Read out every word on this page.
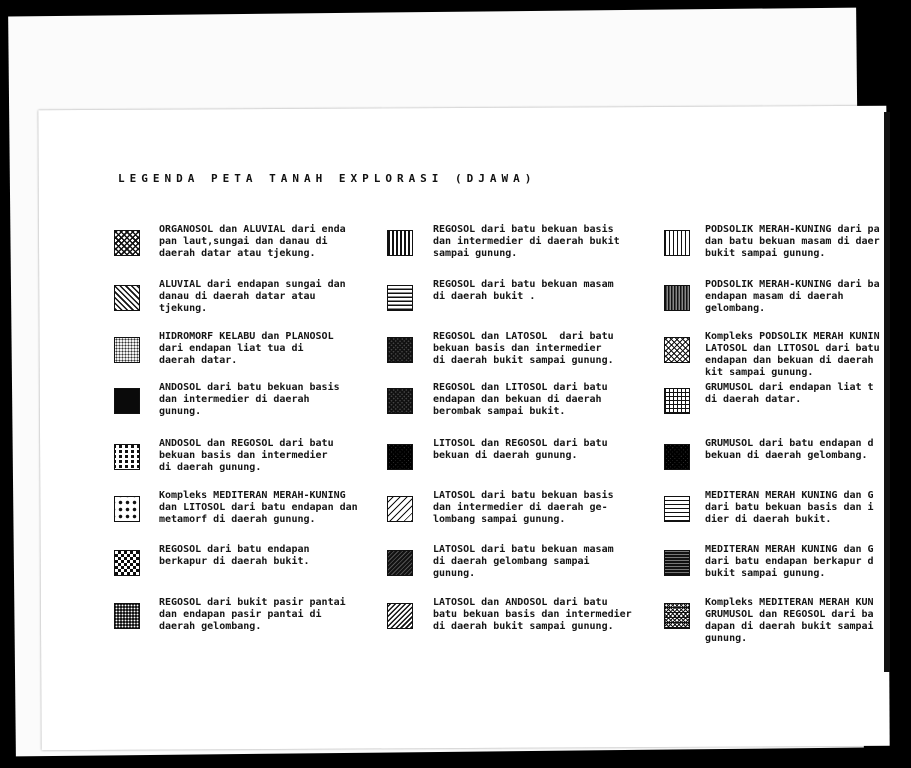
LEGENDA PETA TANAH EXPLORASI (DJAWA)
ORGANOSOL dan ALUVIAL dari enda
pan laut,sungai dan danau di
daerah datar atau tjekung.
ALUVIAL dari endapan sungai dan
danau di daerah datar atau
tjekung.
HIDROMORF KELABU dan PLANOSOL
dari endapan liat tua di
daerah datar.
ANDOSOL dari batu bekuan basis
dan intermedier di daerah
gunung.
ANDOSOL dan REGOSOL dari batu
bekuan basis dan intermedier
di daerah gunung.
Kompleks MEDITERAN MERAH-KUNING
dan LITOSOL dari batu endapan dan
metamorf di daerah gunung.
REGOSOL dari batu endapan
berkapur di daerah bukit.
REGOSOL dari bukit pasir pantai
dan endapan pasir pantai di
daerah gelombang.
REGOSOL dari batu bekuan basis
dan intermedier di daerah bukit
sampai gunung.
REGOSOL dari batu bekuan masam
di daerah bukit .
REGOSOL dan LATOSOL  dari batu
bekuan basis dan intermedier
di daerah bukit sampai gunung.
REGOSOL dan LITOSOL dari batu
endapan dan bekuan di daerah
berombak sampai bukit.
LITOSOL dan REGOSOL dari batu
bekuan di daerah gunung.
LATOSOL dari batu bekuan basis
dan intermedier di daerah ge-
lombang sampai gunung.
LATOSOL dari batu bekuan masam
di daerah gelombang sampai
gunung.
LATOSOL dan ANDOSOL dari batu
batu bekuan basis dan intermedier
di daerah bukit sampai gunung.
PODSOLIK MERAH-KUNING dari pa
dan batu bekuan masam di daer
bukit sampai gunung.
PODSOLIK MERAH-KUNING dari ba
endapan masam di daerah
gelombang.
Kompleks PODSOLIK MERAH KUNIN
LATOSOL dan LITOSOL dari batu
endapan dan bekuan di daerah
kit sampai gunung.
GRUMUSOL dari endapan liat t
di daerah datar.
GRUMUSOL dari batu endapan d
bekuan di daerah gelombang.
MEDITERAN MERAH KUNING dan G
dari batu bekuan basis dan i
dier di daerah bukit.
MEDITERAN MERAH KUNING dan G
dari batu endapan berkapur d
bukit sampai gunung.
Kompleks MEDITERAN MERAH KUN
GRUMUSOL dan REGOSOL dari ba
dapan di daerah bukit sampai
gunung.
